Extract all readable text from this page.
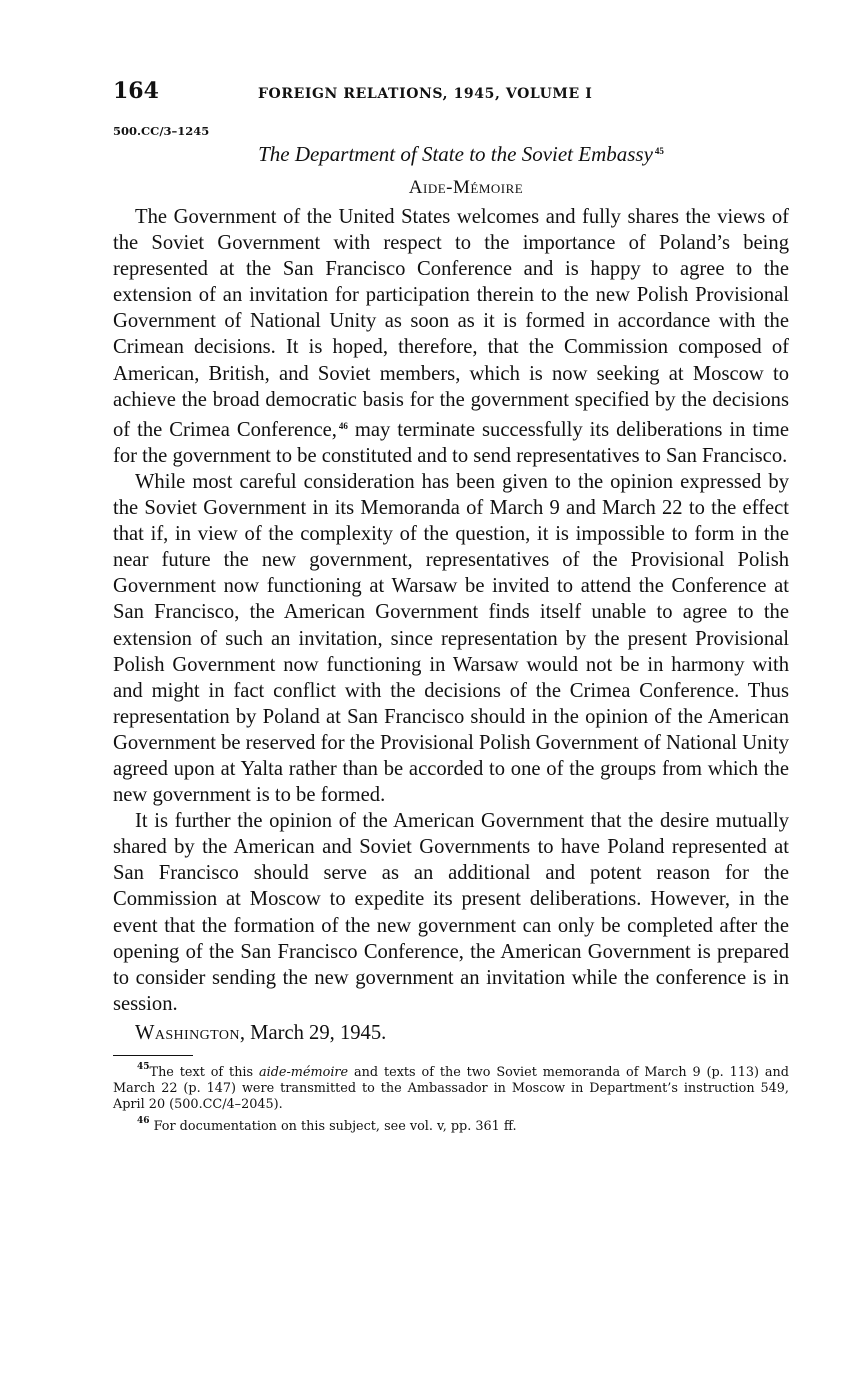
164	FOREIGN RELATIONS, 1945, VOLUME I
500.CC/3–1245
The Department of State to the Soviet Embassy $^{45}$
Aide-Mémoire

The Government of the United States welcomes and fully shares the views of the Soviet Government with respect to the importance of Poland’s being represented at the San Francisco Conference and is happy to agree to the extension of an invitation for participation therein to the new Polish Provisional Government of National Unity as soon as it is formed in accordance with the Crimean decisions. It is hoped, therefore, that the Commission composed of American, British, and Soviet members, which is now seeking at Moscow to achieve the broad democratic basis for the government specified by the decisions of the Crimea Conference, $^{46}$ may terminate successfully its deliberations in time for the government to be constituted and to send representatives to San Francisco.

While most careful consideration has been given to the opinion expressed by the Soviet Government in its Memoranda of March 9 and March 22 to the effect that if, in view of the complexity of the question, it is impossible to form in the near future the new government, representatives of the Provisional Polish Government now functioning at Warsaw be invited to attend the Conference at San Francisco, the American Government finds itself unable to agree to the extension of such an invitation, since representation by the present Provisional Polish Government now functioning in Warsaw would not be in harmony with and might in fact conflict with the decisions of the Crimea Conference. Thus representation by Poland at San Francisco should in the opinion of the American Government be reserved for the Provisional Polish Government of National Unity agreed upon at Yalta rather than be accorded to one of the groups from which the new government is to be formed.

It is further the opinion of the American Government that the desire mutually shared by the American and Soviet Governments to have Poland represented at San Francisco should serve as an additional and potent reason for the Commission at Moscow to expedite its present deliberations. However, in the event that the formation of the new government can only be completed after the opening of the San Francisco Conference, the American Government is prepared to consider sending the new government an invitation while the conference is in session.

Washington, March 29, 1945.

$^{45}$The text of this aide-mémoire and texts of the two Soviet memoranda of March 9 (p. 113) and March 22 (p. 147) were transmitted to the Ambassador in Moscow in Department’s instruction 549, April 20 (500.CC/4–2045).

$^{46}$ For documentation on this subject, see vol. v, pp. 361 ff.
